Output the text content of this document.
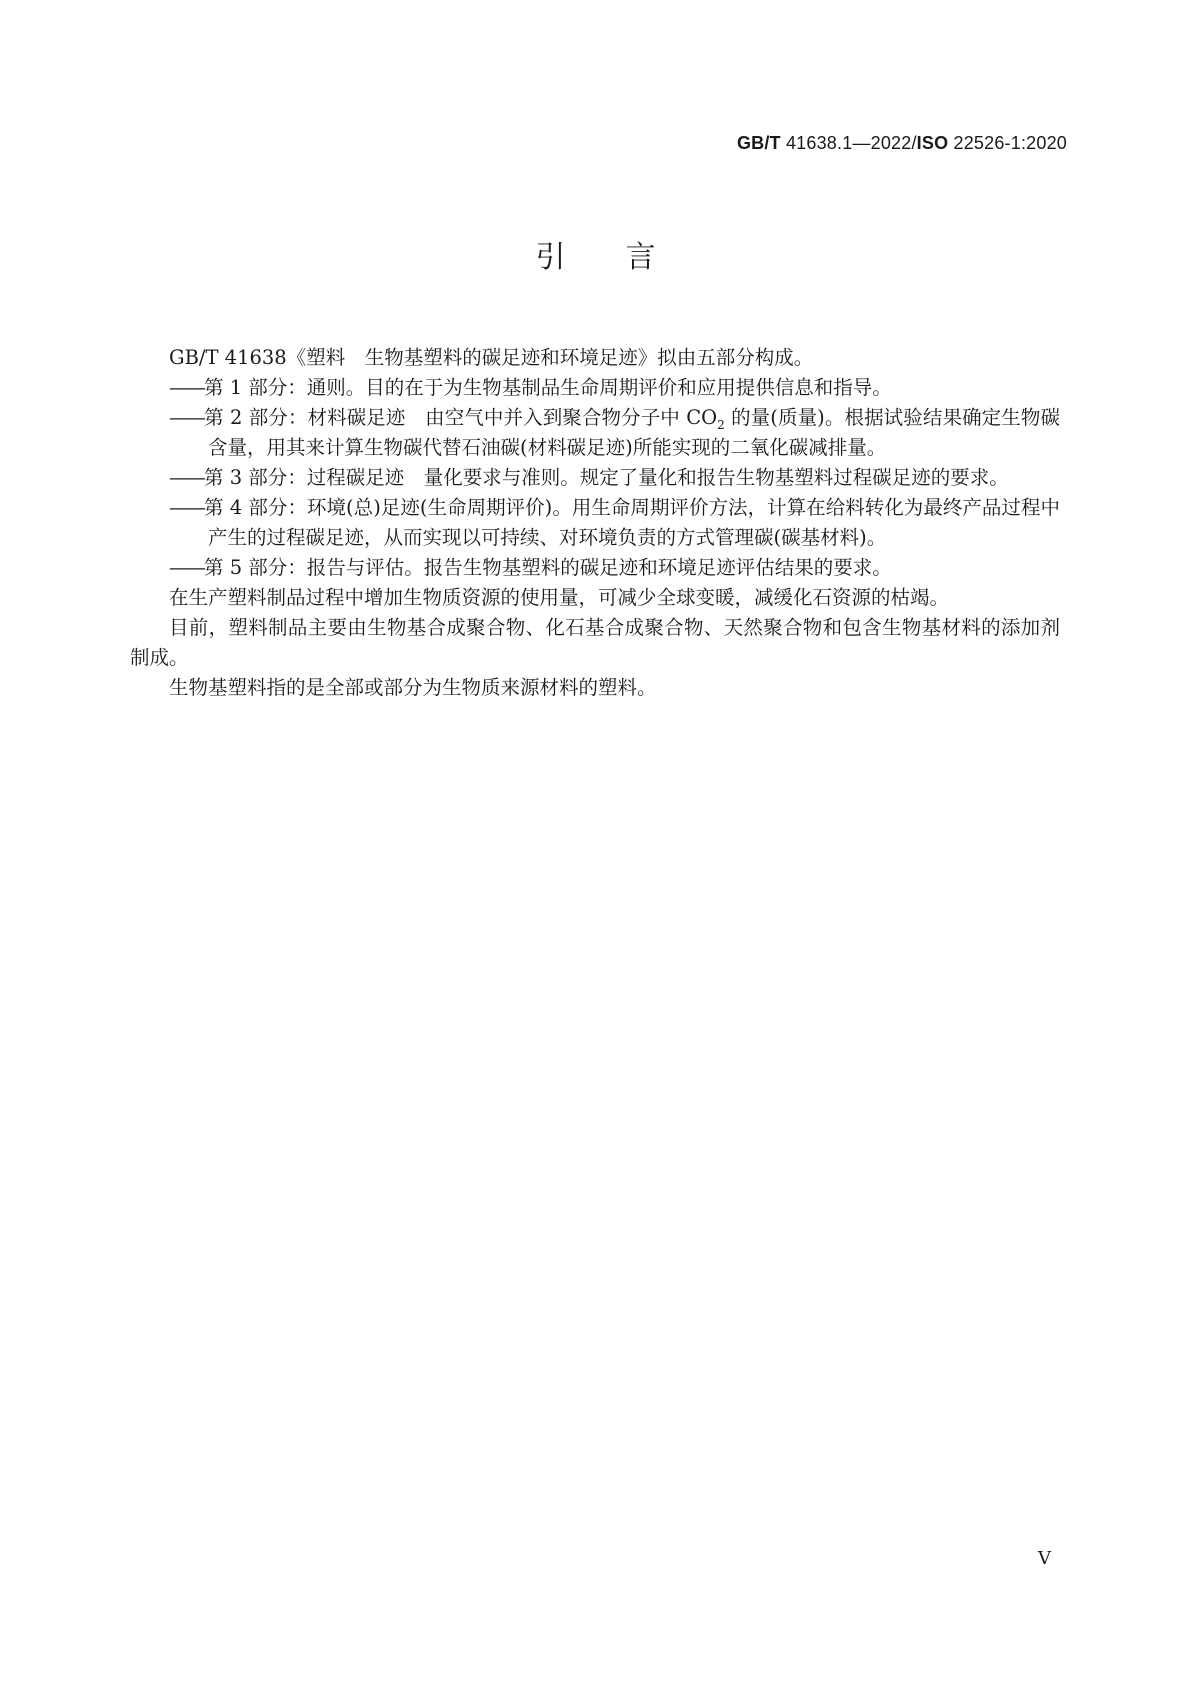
GB/T 41638.1—2022/ISO 22526-1:2020
引言

GB/T 41638《塑料　生物基塑料的碳足迹和环境足迹》拟由五部分构成。

——第 1 部分：通则。目的在于为生物基制品生命周期评价和应用提供信息和指导。

——第 2 部分：材料碳足迹　由空气中并入到聚合物分子中 $CO_2$ 的量(质量)。根据试验结果确定生物碳含量，用其来计算生物碳代替石油碳(材料碳足迹)所能实现的二氧化碳减排量。

——第 3 部分：过程碳足迹　量化要求与准则。规定了量化和报告生物基塑料过程碳足迹的要求。

——第 4 部分：环境(总)足迹(生命周期评价)。用生命周期评价方法，计算在给料转化为最终产品过程中产生的过程碳足迹，从而实现以可持续、对环境负责的方式管理碳(碳基材料)。

——第 5 部分：报告与评估。报告生物基塑料的碳足迹和环境足迹评估结果的要求。

在生产塑料制品过程中增加生物质资源的使用量，可减少全球变暖，减缓化石资源的枯竭。

目前，塑料制品主要由生物基合成聚合物、化石基合成聚合物、天然聚合物和包含生物基材料的添加剂制成。

生物基塑料指的是全部或部分为生物质来源材料的塑料。

V
